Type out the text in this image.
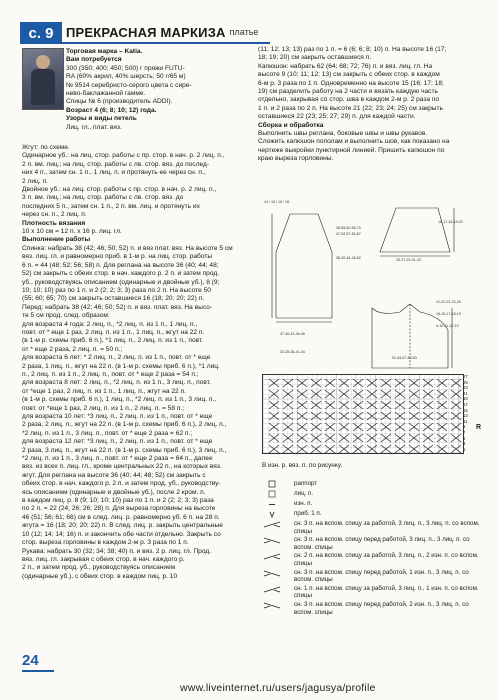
с. 9 ПРЕКРАСНАЯ МАРКИЗА платье

Торговая марка – Katia.

Вам потребуется

300 (350; 400; 450; 500) г пряжи FUTU-

RA (60% акрил, 40% шерсть; 50 г/65 м)

№ 9514 серебристо-серого цвета с сире-

нево-баклажанной гамме.

Спицы № 6 (производитель ADDI).

Возраст 4 (6; 8; 10; 12) года.

Узоры и виды петель

Лиц. гл., плат. вяз.

Жгут: по схеме.

Одинарное уб.: на лиц. стор. работы с пр. стор. в нач. р. 2 лиц. п.,

2 п. вм. лиц.; на лиц. стор. работы с лв. стор. вяз. до послед-

них 4 п., затем сн. 1 п., 1 лиц. п. и протянуть ее через сн. п.,

2 лиц. п.

Двойное уб.: на лиц. стор. работы с пр. стор. в нач. р. 2 лиц. п.,

3 п. вм. лиц.; на лиц. стор. работы с лв. стор. вяз. до

последних 5 п., затем сн. 1 п., 2 п. вм. лиц. и протянуть их

через сн. п., 2 лиц. п.

Плотность вязания

10 х 10 см = 12 п. х 16 р. лиц. гл.

Выполнение работы

Спинка: набрать 38 (42; 46; 50; 52) п. и вяз плат. вяз. На высоте 5 см

вяз. лиц. гл. и равномерно приб. в 1-м р. на лиц. стор. работы

6 п. = 44 (48; 52; 56; 58) п. Для реглана на высоте 36 (40; 44; 48;

52) см закрыть с обеих стор. в нач. каждого р. 2 п. и затем прод.

уб., руководствуясь описанием (одинарные и двойные уб.), 8 (9;

10; 10; 10) раз по 1 п. и 2 (2; 2; 3; 3) раза по 2 п. На высоте 50

(55; 60; 65; 70) см закрыть оставшиеся 16 (18; 20; 20; 22) п.

Перед: набрать 38 (42; 46; 50; 52) п. и вяз. плат. вяз. На высо-

те 5 см прод. след. образом:

для возраста 4 года: 2 лиц. п., *2 лиц. п. из 1 п., 1 лиц. п.,

повт. от * еще 1 раз, 2 лиц. п. из 1 п., 1 лиц. п., жгут на 22 п.

(в 1-м р. схемы приб. 6 п.), *1 лиц. п., 2 лиц. п. из 1 п., повт.

от * еще 2 раза, 2 лиц. п. = 50 п.;

для возраста 6 лет: * 2 лиц. п., 2 лиц. п. из 1 п., повт. от * еще

2 раза, 1 лиц. п., жгут на 22 п. (в 1-м р. схемы приб. 6 п.), *1 лиц.

п., 2 лиц. п. из 1 п., 2 лиц. п., повт. от * еще 2 раза = 54 п.;

для возраста 8 лет: 2 лиц. п., *2 лиц. п. из 1 п., 3 лиц. п., повт.

от *еще 1 раз, 2 лиц. п. из 1 п., 1 лиц. п., жгут на 22 п.

(в 1-м р. схемы приб. 6 п.), 1 лиц. п., *2 лиц. п. из 1 п., 3 лиц. п.,

повт. от *еще 1 раз, 2 лиц. п. из 1 п., 2 лиц. п. = 58 п.;

для возраста 10 лет: *3 лиц. п., 2 лиц. п. из 1 п., повт. от * еще

2 раза, 2 лиц. п., жгут на 22 п. (в 1-м р. схемы приб. 6 п.), 2 лиц. п.,

*2 лиц. п. из 1 п., 3 лиц. п., повт. от * еще 2 раза = 62 п.;

для возраста 12 лет: *3 лиц. п., 2 лиц. п. из 1 п., повт. от * еще

2 раза, 3 лиц. п., жгут на 22 п. (в 1-м р. схемы приб. 6 п.), 3 лиц. п.,

*2 лиц. п. из 1 п., 3 лиц. п., повт. от * еще 2 раза = 64 п., далее

вяз. из всех п. лиц. гл., кроме центральных 22 п., на которых вяз.

жгут. Для реглана на высоте 36 (40; 44; 48; 52) см закрыть с

обеих стор. в нач. каждого р. 2 п. и затем прод. уб., руководству-

ясь описанием (одинарные и двойные уб.), после 2 кром. п.

в каждом лиц. р. 8 (9; 10; 10; 10) раз по 1 п. и 2 (2; 2; 3; 3) раза

по 2 п. = 22 (24; 26; 26; 28) п. Для выреза горловины на высоте

46 (51; 56; 61; 66) см в след. лиц. р. равномерно уб. 6 п. на 28 п.

жгута = 16 (18; 20; 20; 22) п. В след. лиц. р. закрыть центральные

10 (12; 14; 14; 16) п. и закончить обе части отдельно. Закрыть со

стор. выреза горловины в каждом 2-м р. 3 раза по 1 п.

Рукава: набрать 30 (32; 34; 38; 40) п. и вяз. 2 р. лиц. гл. Прод.

вяз. лиц. гл. закрывая с обеих стор. в нач. каждого р.

2 п., и затем прод. уб., руководствуясь описанием

(одинарные уб.), с обеих стор. в каждом лиц. р. 10

(11; 12; 13; 13) раз по 1 п. = 6 (6; 6; 8; 10) п. На высоте 16 (17;

18; 19; 20) см закрыть оставшиеся п.

Капюшон: набрать 62 (64; 68; 72; 76) п. и вяз. лиц. гл. На

высоте 9 (10; 11; 12; 13) см закрыть с обеих стор. в каждом

6-м р. 3 раза по 1 п. Одновременно на высоте 15 (16; 17; 18;

19) см разделить работу на 2 части и вязать каждую часть

отдельно, закрывая со стор. шва в каждом 2-м р. 2 раза по

1 п. и 2 раза по 2 п. На высоте 21 (22; 23; 24; 25) см закрыть

оставшиеся 22 (23; 25; 27; 29) п. для каждой части.

Сборка и обработка

Выполнить швы реглана, боковые швы и швы рукавов.

Сложить капюшон пополам и выполнить шов, как показано на

чертеже выкройки пунктирной линией. Пришить капюшон по

краю выреза горловины.

14 / 15 / 16 / 18
38-55-60-65-70
47-52-57-62-67
36-40-44-48-52
37-40-43-46-49
32-35-38-41-44
16-17-18-19-20
25-27-29-31-33
21-22-23-24-25
15-16-17-18-19
9-10-11-12-13
51-54-57-60-63
27
25
23
21
19
17
15
13
11
9
7
5
3
1
R
В изн. р. вяз. п. по рисунку.
раппорт
лиц. п.
изн. п.
приб. 1 п.
сн. 3 п. на вспом. спицу за работой, 3 лиц. п., 3 лиц. п. со вспом. спицы
сн. 3 п. на вспом. спицу перед работой, 3 лиц. п., 3 лиц. п. со вспом. спицы
сн. 2 п. на вспом. спицу за работой, 3 лиц. п., 2 изн. п. со вспом. спицы
сн. 3 п. на вспом. спицу перед работой, 1 изн. п., 3 лиц. п. со вспом. спицы
сн. 1 п. на вспом. спицу за работой, 3 лиц. п., 1 изн. п. со вспом. спицы
сн. 3 п. на вспом. спицу перед работой, 2 изн. п., 3 лиц. п. со вспом. спицы
24
www.liveinternet.ru/users/jagusya/profile
